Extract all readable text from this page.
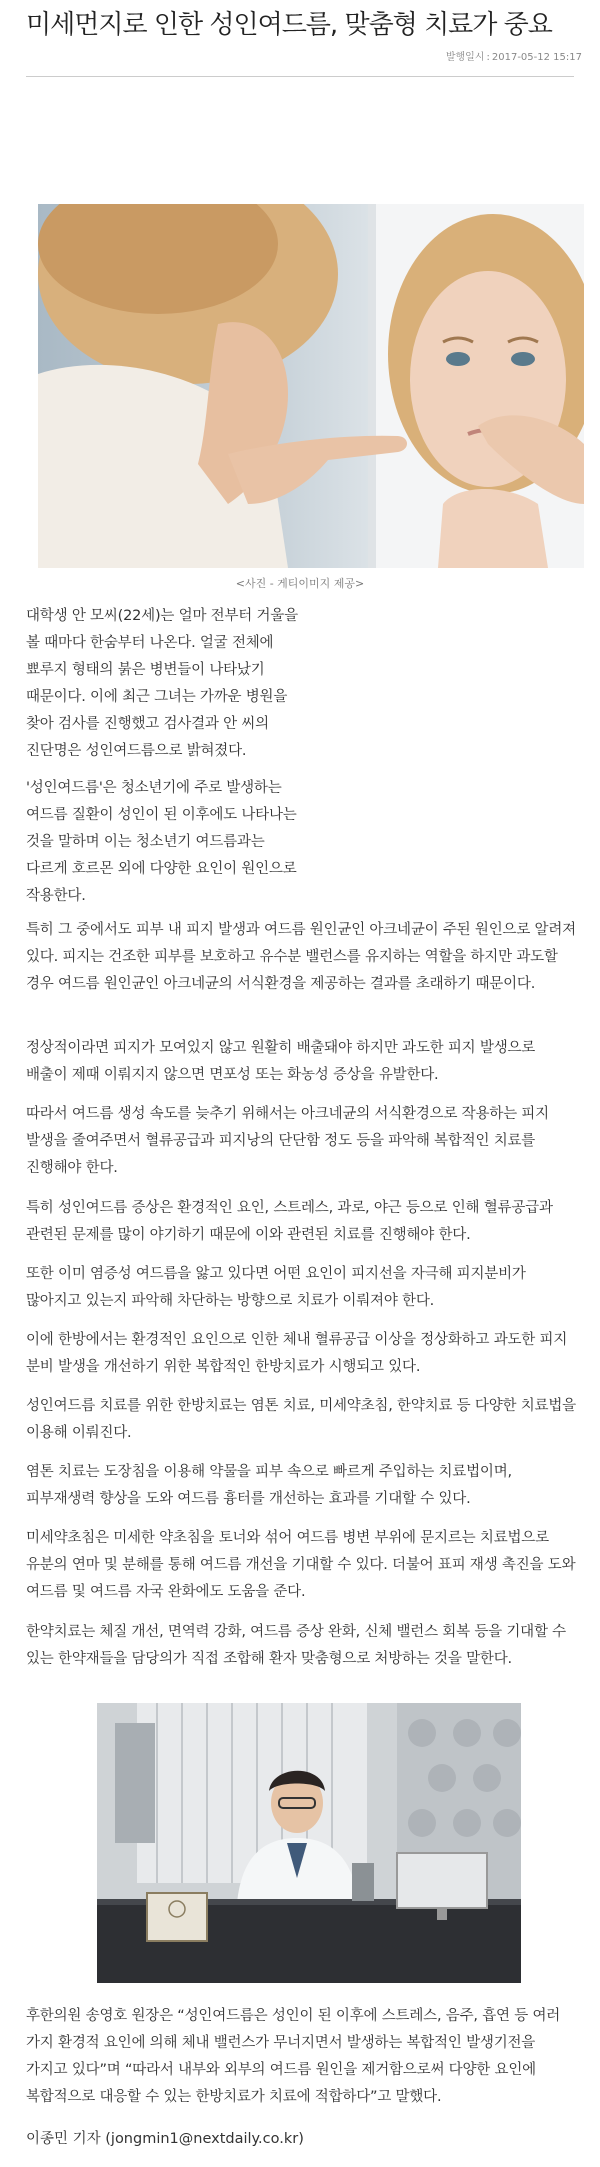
미세먼지로 인한 성인여드름, 맞춤형 치료가 중요
발행일시 : 2017-05-12 15:17
<사진 - 게티이미지 제공>

대학생 안 모씨(22세)는 얼마 전부터 거울을 볼 때마다 한숨부터 나온다. 얼굴 전체에 뾰루지 형태의 붉은 병변들이 나타났기 때문이다. 이에 최근 그녀는 가까운 병원을 찾아 검사를 진행했고 검사결과 안 씨의 진단명은 성인여드름으로 밝혀졌다.

'성인여드름'은 청소년기에 주로 발생하는 여드름 질환이 성인이 된 이후에도 나타나는 것을 말하며 이는 청소년기 여드름과는 다르게 호르몬 외에 다양한 요인이 원인으로 작용한다.

특히 그 중에서도 피부 내 피지 발생과 여드름 원인균인 아크네균이 주된 원인으로 알려져 있다. 피지는 건조한 피부를 보호하고 유수분 밸런스를 유지하는 역할을 하지만 과도할 경우 여드름 원인균인 아크네균의 서식환경을 제공하는 결과를 초래하기 때문이다.

정상적이라면 피지가 모여있지 않고 원활히 배출돼야 하지만 과도한 피지 발생으로 배출이 제때 이뤄지지 않으면 면포성 또는 화농성 증상을 유발한다.

따라서 여드름 생성 속도를 늦추기 위해서는 아크네균의 서식환경으로 작용하는 피지 발생을 줄여주면서 혈류공급과 피지낭의 단단함 정도 등을 파악해 복합적인 치료를 진행해야 한다.

특히 성인여드름 증상은 환경적인 요인, 스트레스, 과로, 야근 등으로 인해 혈류공급과 관련된 문제를 많이 야기하기 때문에 이와 관련된 치료를 진행해야 한다.

또한 이미 염증성 여드름을 앓고 있다면 어떤 요인이 피지선을 자극해 피지분비가 많아지고 있는지 파악해 차단하는 방향으로 치료가 이뤄져야 한다.

이에 한방에서는 환경적인 요인으로 인한 체내 혈류공급 이상을 정상화하고 과도한 피지 분비 발생을 개선하기 위한 복합적인 한방치료가 시행되고 있다.

성인여드름 치료를 위한 한방치료는 염톤 치료, 미세약초침, 한약치료 등 다양한 치료법을 이용해 이뤄진다.

염톤 치료는 도장침을 이용해 약물을 피부 속으로 빠르게 주입하는 치료법이며, 피부재생력 향상을 도와 여드름 흉터를 개선하는 효과를 기대할 수 있다.

미세약초침은 미세한 약초침을 토너와 섞어 여드름 병변 부위에 문지르는 치료법으로 유분의 연마 및 분해를 통해 여드름 개선을 기대할 수 있다. 더불어 표피 재생 촉진을 도와 여드름 및 여드름 자국 완화에도 도움을 준다.

한약치료는 체질 개선, 면역력 강화, 여드름 증상 완화, 신체 밸런스 회복 등을 기대할 수 있는 한약재들을 담당의가 직접 조합해 환자 맞춤형으로 처방하는 것을 말한다.

후한의원 송영호 원장은 “성인여드름은 성인이 된 이후에 스트레스, 음주, 흡연 등 여러 가지 환경적 요인에 의해 체내 밸런스가 무너지면서 발생하는 복합적인 발생기전을 가지고 있다”며 “따라서 내부와 외부의 여드름 원인을 제거함으로써 다양한 요인에 복합적으로 대응할 수 있는 한방치료가 치료에 적합하다”고 말했다.

이종민 기자 (jongmin1@nextdaily.co.kr)
